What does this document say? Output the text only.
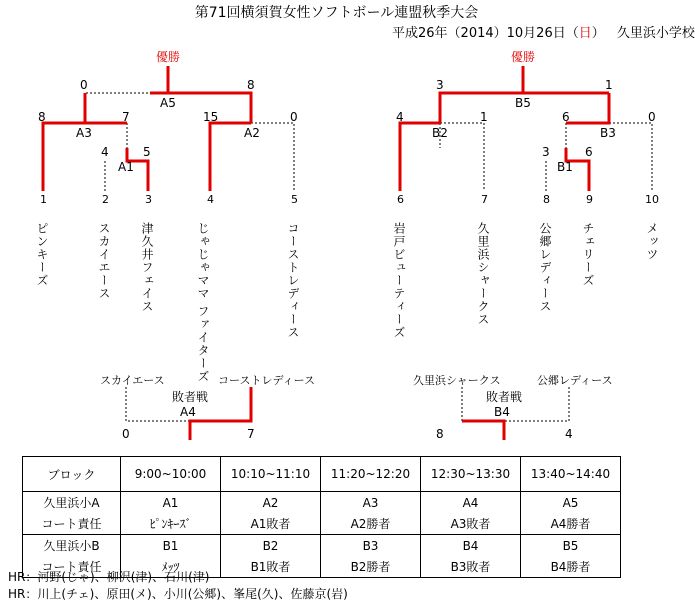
第71回横須賀女性ソフトボール連盟秋季大会
平成26年（2014）10月26日（日） 久里浜小学校
優勝
A5
A3
A1
A2
0	8
8	7
4	5
15	0
1	2	3	4	5
ピンキーズ	スカイエース 津久井フェイス	じゃじゃママ ファイターズ	コーストレディース
優勝
B5
B2	B3
B1
3	1
4	1	6	0
3	6
6	7	8	9	10
岩戸ビューティーズ	久里浜シャークス	公郷レディース チェリーズ	メッツ
スカイエース	コーストレディース
敗者戦
A4
0	7
久里浜シャークス	公郷レディース
敗者戦
B4
8	4
ブロック	9:00~10:00	10:10~11:10	11:20~12:20	12:30~13:30	13:40~14:40
久里浜小A	A1	A2	A3	A4	A5
コート責任	ﾋﾟﾝｷｰｽﾞ	A1敗者	A2勝者	A3敗者	A4勝者
久里浜小B	B1	B2	B3	B4	B5
コート責任	ﾒｯﾂ	B1敗者	B2勝者	B3敗者	B4勝者
HR：河野(じゃ)、柳沢(津)、石川(津)
HR：川上(チェ)、原田(メ)、小川(公郷)、峯尾(久)、佐藤京(岩)
